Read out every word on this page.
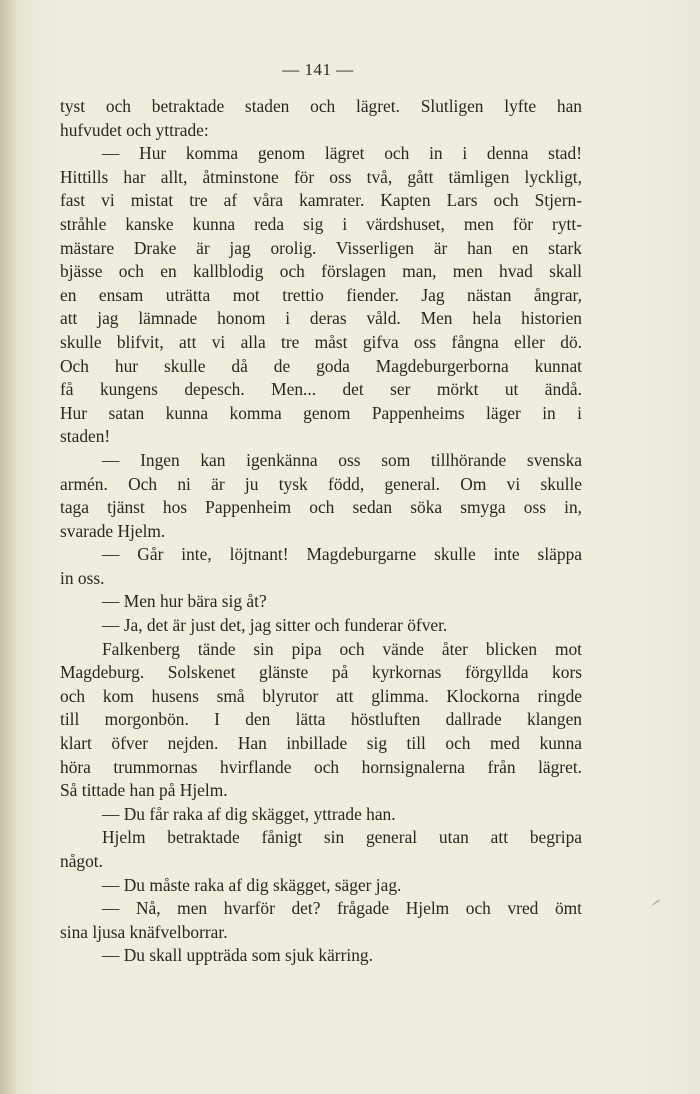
— 141 —
tyst och betraktade staden och lägret. Slutligen lyfte han
hufvudet och yttrade:
— Hur komma genom lägret och in i denna stad!
Hittills har allt, åtminstone för oss två, gått tämligen lyckligt,
fast vi mistat tre af våra kamrater. Kapten Lars och Stjern-
stråhle kanske kunna reda sig i värdshuset, men för rytt-
mästare Drake är jag orolig. Visserligen är han en stark
bjässe och en kallblodig och förslagen man, men hvad skall
en ensam uträtta mot trettio fiender. Jag nästan ångrar,
att jag lämnade honom i deras våld. Men hela historien
skulle blifvit, att vi alla tre måst gifva oss fångna eller dö.
Och hur skulle då de goda Magdeburgerborna kunnat
få kungens depesch. Men... det ser mörkt ut ändå.
Hur satan kunna komma genom Pappenheims läger in i
staden!
— Ingen kan igenkänna oss som tillhörande svenska
armén. Och ni är ju tysk född, general. Om vi skulle
taga tjänst hos Pappenheim och sedan söka smyga oss in,
svarade Hjelm.
— Går inte, löjtnant! Magdeburgarne skulle inte släppa
in oss.
— Men hur bära sig åt?
— Ja, det är just det, jag sitter och funderar öfver.
Falkenberg tände sin pipa och vände åter blicken mot
Magdeburg. Solskenet glänste på kyrkornas förgyllda kors
och kom husens små blyrutor att glimma. Klockorna ringde
till morgonbön. I den lätta höstluften dallrade klangen
klart öfver nejden. Han inbillade sig till och med kunna
höra trummornas hvirflande och hornsignalerna från lägret.
Så tittade han på Hjelm.
— Du får raka af dig skägget, yttrade han.
Hjelm betraktade fånigt sin general utan att begripa
något.
— Du måste raka af dig skägget, säger jag.
— Nå, men hvarför det? frågade Hjelm och vred ömt
sina ljusa knäfvelborrar.
— Du skall uppträda som sjuk kärring.
